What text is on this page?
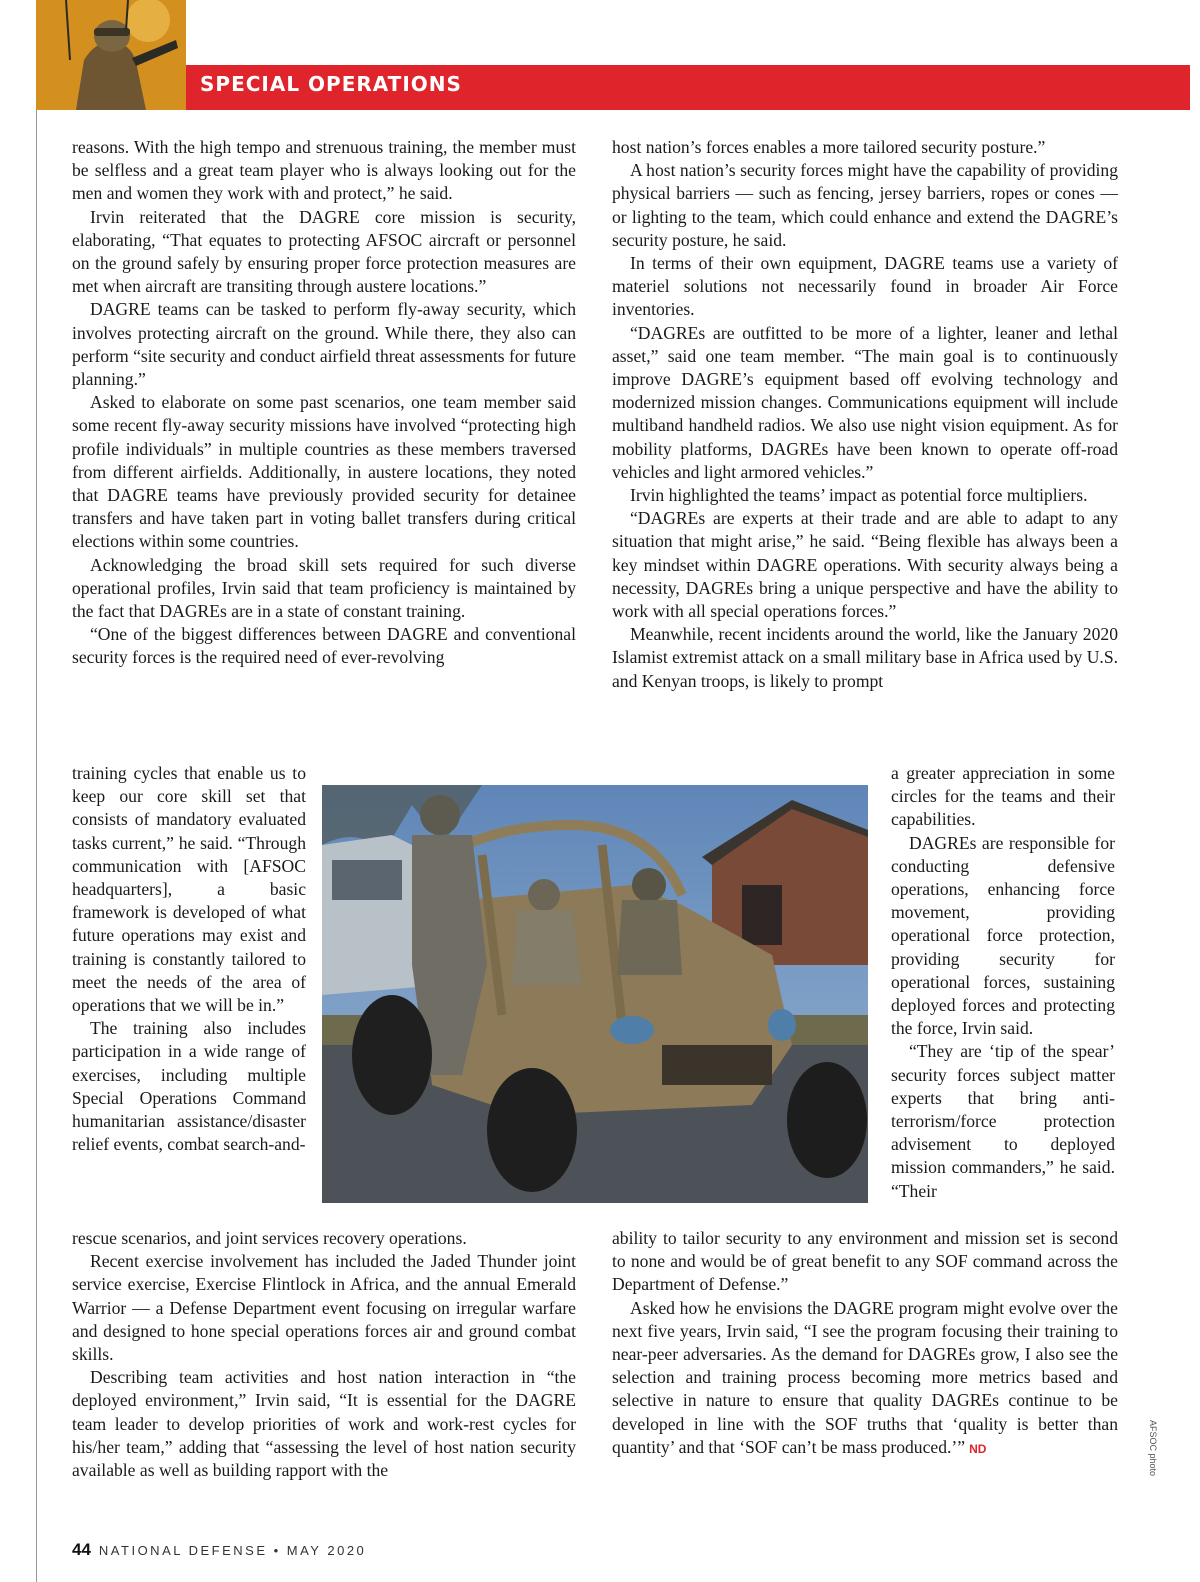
SPECIAL OPERATIONS

reasons. With the high tempo and strenuous training, the member must be selfless and a great team player who is always looking out for the men and women they work with and protect,” he said.

Irvin reiterated that the DAGRE core mission is security, elaborating, “That equates to protecting AFSOC aircraft or personnel on the ground safely by ensuring proper force protection measures are met when aircraft are transiting through austere locations.”

DAGRE teams can be tasked to perform fly-away security, which involves protecting aircraft on the ground. While there, they also can perform “site security and conduct airfield threat assessments for future planning.”

Asked to elaborate on some past scenarios, one team member said some recent fly-away security missions have involved “protecting high profile individuals” in multiple countries as these members traversed from different airfields. Additionally, in austere locations, they noted that DAGRE teams have previously provided security for detainee transfers and have taken part in voting ballet transfers during critical elections within some countries.

Acknowledging the broad skill sets required for such diverse operational profiles, Irvin said that team proficiency is maintained by the fact that DAGREs are in a state of constant training.

“One of the biggest differences between DAGRE and conventional security forces is the required need of ever-revolving

training cycles that enable us to keep our core skill set that consists of mandatory evaluated tasks current,” he said. “Through communication with [AFSOC headquarters], a basic framework is developed of what future operations may exist and training is constantly tailored to meet the needs of the area of operations that we will be in.”

The training also includes participation in a wide range of exercises, including multiple Special Operations Command humanitarian assistance/disaster relief events, combat search-and-

rescue scenarios, and joint services recovery operations.

Recent exercise involvement has included the Jaded Thunder joint service exercise, Exercise Flintlock in Africa, and the annual Emerald Warrior — a Defense Department event focusing on irregular warfare and designed to hone special operations forces air and ground combat skills.

Describing team activities and host nation interaction in “the deployed environment,” Irvin said, “It is essential for the DAGRE team leader to develop priorities of work and work-rest cycles for his/her team,” adding that “assessing the level of host nation security available as well as building rapport with the

host nation’s forces enables a more tailored security posture.”

A host nation’s security forces might have the capability of providing physical barriers — such as fencing, jersey barriers, ropes or cones — or lighting to the team, which could enhance and extend the DAGRE’s security posture, he said.

In terms of their own equipment, DAGRE teams use a variety of materiel solutions not necessarily found in broader Air Force inventories.

“DAGREs are outfitted to be more of a lighter, leaner and lethal asset,” said one team member. “The main goal is to continuously improve DAGRE’s equipment based off evolving technology and modernized mission changes. Communications equipment will include multiband handheld radios. We also use night vision equipment. As for mobility platforms, DAGREs have been known to operate off-road vehicles and light armored vehicles.”

Irvin highlighted the teams’ impact as potential force multipliers.

“DAGREs are experts at their trade and are able to adapt to any situation that might arise,” he said. “Being flexible has always been a key mindset within DAGRE operations. With security always being a necessity, DAGREs bring a unique perspective and have the ability to work with all special operations forces.”

Meanwhile, recent incidents around the world, like the January 2020 Islamist extremist attack on a small military base in Africa used by U.S. and Kenyan troops, is likely to prompt

a greater appreciation in some circles for the teams and their capabilities.

DAGREs are responsible for conducting defensive operations, enhancing force movement, providing operational force protection, providing security for operational forces, sustaining deployed forces and protecting the force, Irvin said.

“They are ‘tip of the spear’ security forces subject matter experts that bring anti-terrorism/force protection advisement to deployed mission commanders,” he said. “Their

ability to tailor security to any environment and mission set is second to none and would be of great benefit to any SOF command across the Department of Defense.”

Asked how he envisions the DAGRE program might evolve over the next five years, Irvin said, “I see the program focusing their training to near-peer adversaries. As the demand for DAGREs grow, I also see the selection and training process becoming more metrics based and selective in nature to ensure that quality DAGREs continue to be developed in line with the SOF truths that ‘quality is better than quantity’ and that ‘SOF can’t be mass produced.’” ND	AFSOC photo
44 NATIONAL DEFENSE • MAY 2020
